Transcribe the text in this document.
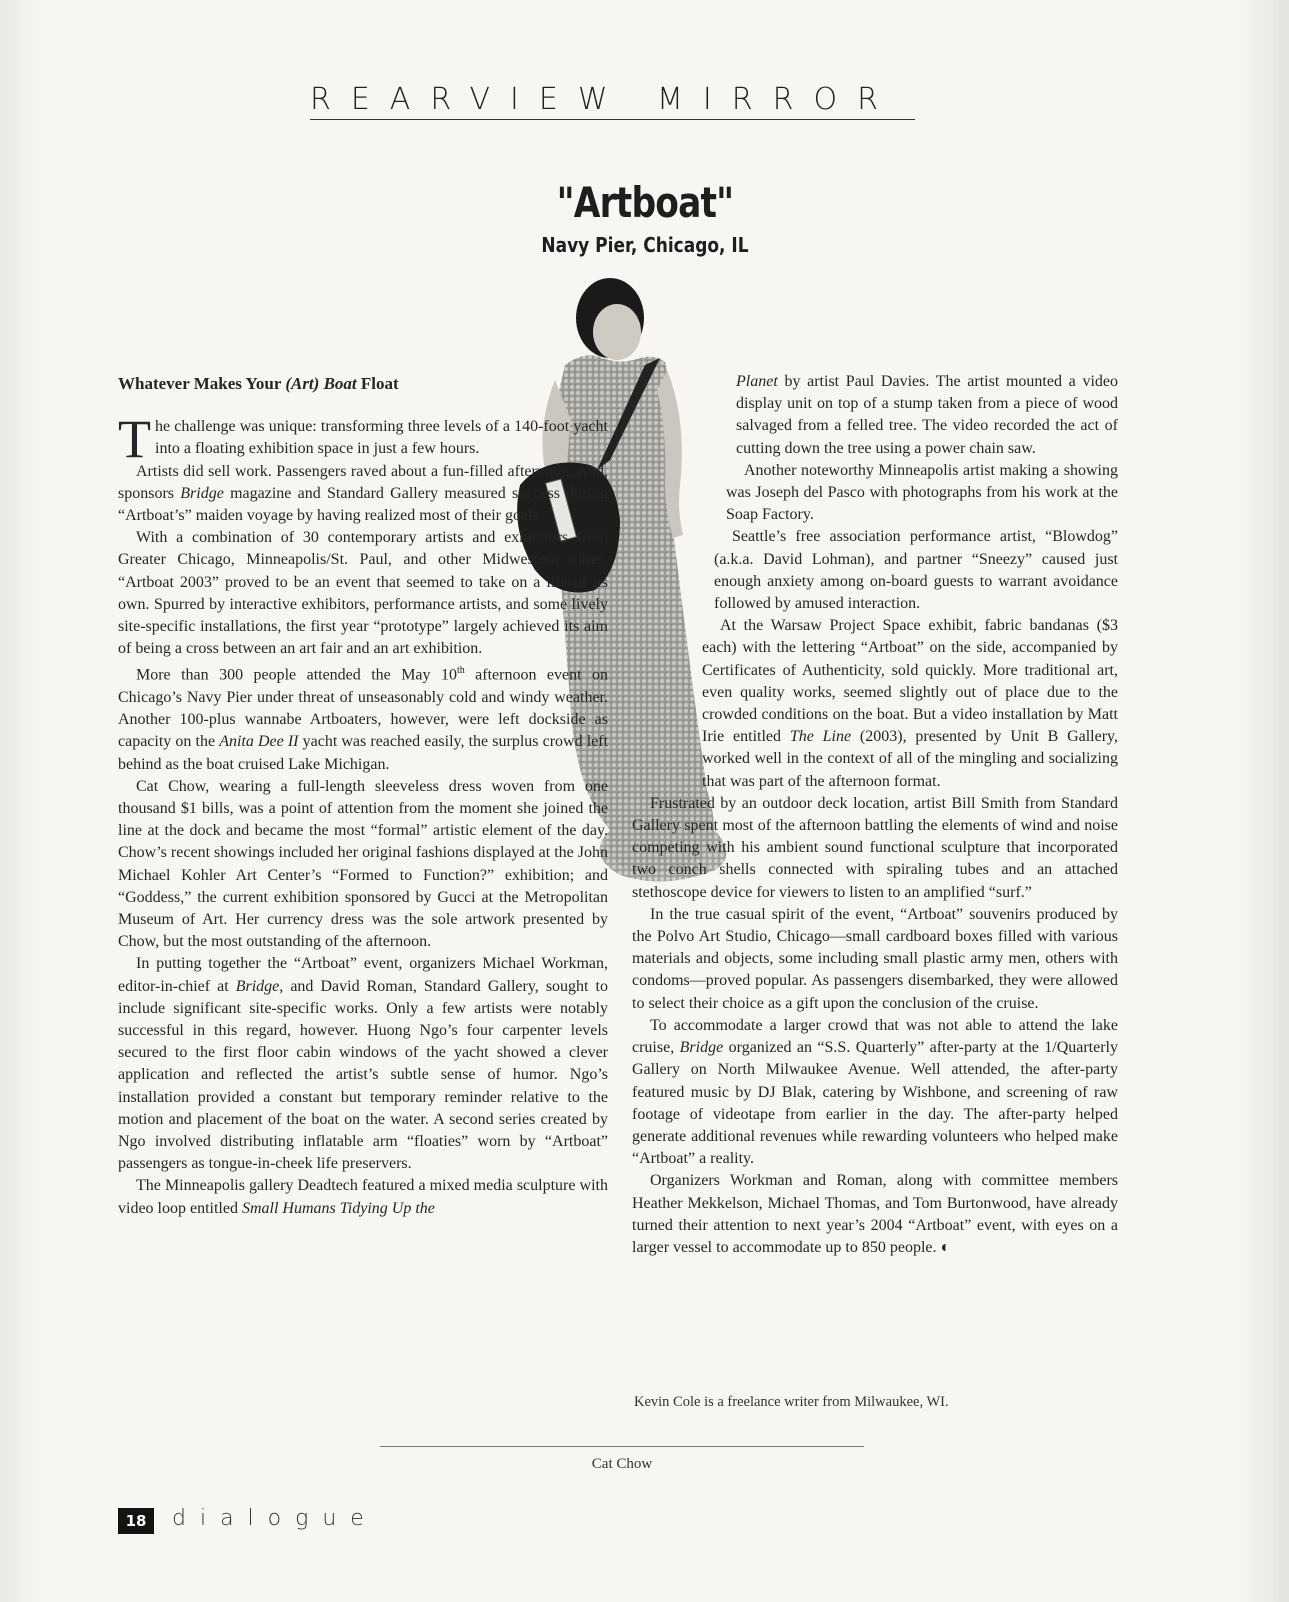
REARVIEW MIRROR
"Artboat"
Navy Pier, Chicago, IL
Whatever Makes Your (Art) Boat Float

The challenge was unique: transforming three levels of a 140-foot yacht into a floating exhibition space in just a few hours.

Artists did sell work. Passengers raved about a fun-filled afternoon. And, sponsors Bridge magazine and Standard Gallery measured success during “Artboat’s” maiden voyage by having realized most of their goals.

With a combination of 30 contemporary artists and exhibitors from Greater Chicago, Minneapolis/St. Paul, and other Midwestern cities, “Artboat 2003” proved to be an event that seemed to take on a life of its own. Spurred by interactive exhibitors, performance artists, and some lively site-specific installations, the first year “prototype” largely achieved its aim of being a cross between an art fair and an art exhibition.

More than 300 people attended the May 10th afternoon event on Chicago’s Navy Pier under threat of unseasonably cold and windy weather. Another 100-plus wannabe Artboaters, however, were left dockside as capacity on the Anita Dee II yacht was reached easily, the surplus crowd left behind as the boat cruised Lake Michigan.

Cat Chow, wearing a full-length sleeveless dress woven from one thousand $1 bills, was a point of attention from the moment she joined the line at the dock and became the most “formal” artistic element of the day. Chow’s recent showings included her original fashions displayed at the John Michael Kohler Art Center’s “Formed to Function?” exhibition; and “Goddess,” the current exhibition sponsored by Gucci at the Metropolitan Museum of Art. Her currency dress was the sole artwork presented by Chow, but the most outstanding of the afternoon.

In putting together the “Artboat” event, organizers Michael Workman, editor-in-chief at Bridge, and David Roman, Standard Gallery, sought to include significant site-specific works. Only a few artists were notably successful in this regard, however. Huong Ngo’s four carpenter levels secured to the first floor cabin windows of the yacht showed a clever application and reflected the artist’s subtle sense of humor. Ngo’s installation provided a constant but temporary reminder relative to the motion and placement of the boat on the water. A second series created by Ngo involved distributing inflatable arm “floaties” worn by “Artboat” passengers as tongue-in-cheek life preservers.

The Minneapolis gallery Deadtech featured a mixed media sculpture with video loop entitled Small Humans Tidying Up the

Planet by artist Paul Davies. The artist mounted a video display unit on top of a stump taken from a piece of wood salvaged from a felled tree. The video recorded the act of cutting down the tree using a power chain saw.

Another noteworthy Minneapolis artist making a showing was Joseph del Pasco with photographs from his work at the Soap Factory.

Seattle’s free association performance artist, “Blowdog” (a.k.a. David Lohman), and partner “Sneezy” caused just enough anxiety among on-board guests to warrant avoidance followed by amused interaction.

At the Warsaw Project Space exhibit, fabric bandanas ($3 each) with the lettering “Artboat” on the side, accompanied by Certificates of Authenticity, sold quickly. More traditional art, even quality works, seemed slightly out of place due to the crowded conditions on the boat. But a video installation by Matt Irie entitled The Line (2003), presented by Unit B Gallery, worked well in the context of all of the mingling and socializing that was part of the afternoon format.

Frustrated by an outdoor deck location, artist Bill Smith from Standard Gallery spent most of the afternoon battling the elements of wind and noise competing with his ambient sound functional sculpture that incorporated two conch shells connected with spiraling tubes and an attached stethoscope device for viewers to listen to an amplified “surf.”

In the true casual spirit of the event, “Artboat” souvenirs produced by the Polvo Art Studio, Chicago—small cardboard boxes filled with various materials and objects, some including small plastic army men, others with condoms—proved popular. As passengers disembarked, they were allowed to select their choice as a gift upon the conclusion of the cruise.

To accommodate a larger crowd that was not able to attend the lake cruise, Bridge organized an “S.S. Quarterly” after-party at the 1/Quarterly Gallery on North Milwaukee Avenue. Well attended, the after-party featured music by DJ Blak, catering by Wishbone, and screening of raw footage of videotape from earlier in the day. The after-party helped generate additional revenues while rewarding volunteers who helped make “Artboat” a reality.

Organizers Workman and Roman, along with committee members Heather Mekkelson, Michael Thomas, and Tom Burtonwood, have already turned their attention to next year’s 2004 “Artboat” event, with eyes on a larger vessel to accommodate up to 850 people. ◐

Kevin Cole is a freelance writer from Milwaukee, WI.
Cat Chow
18	dialogue
